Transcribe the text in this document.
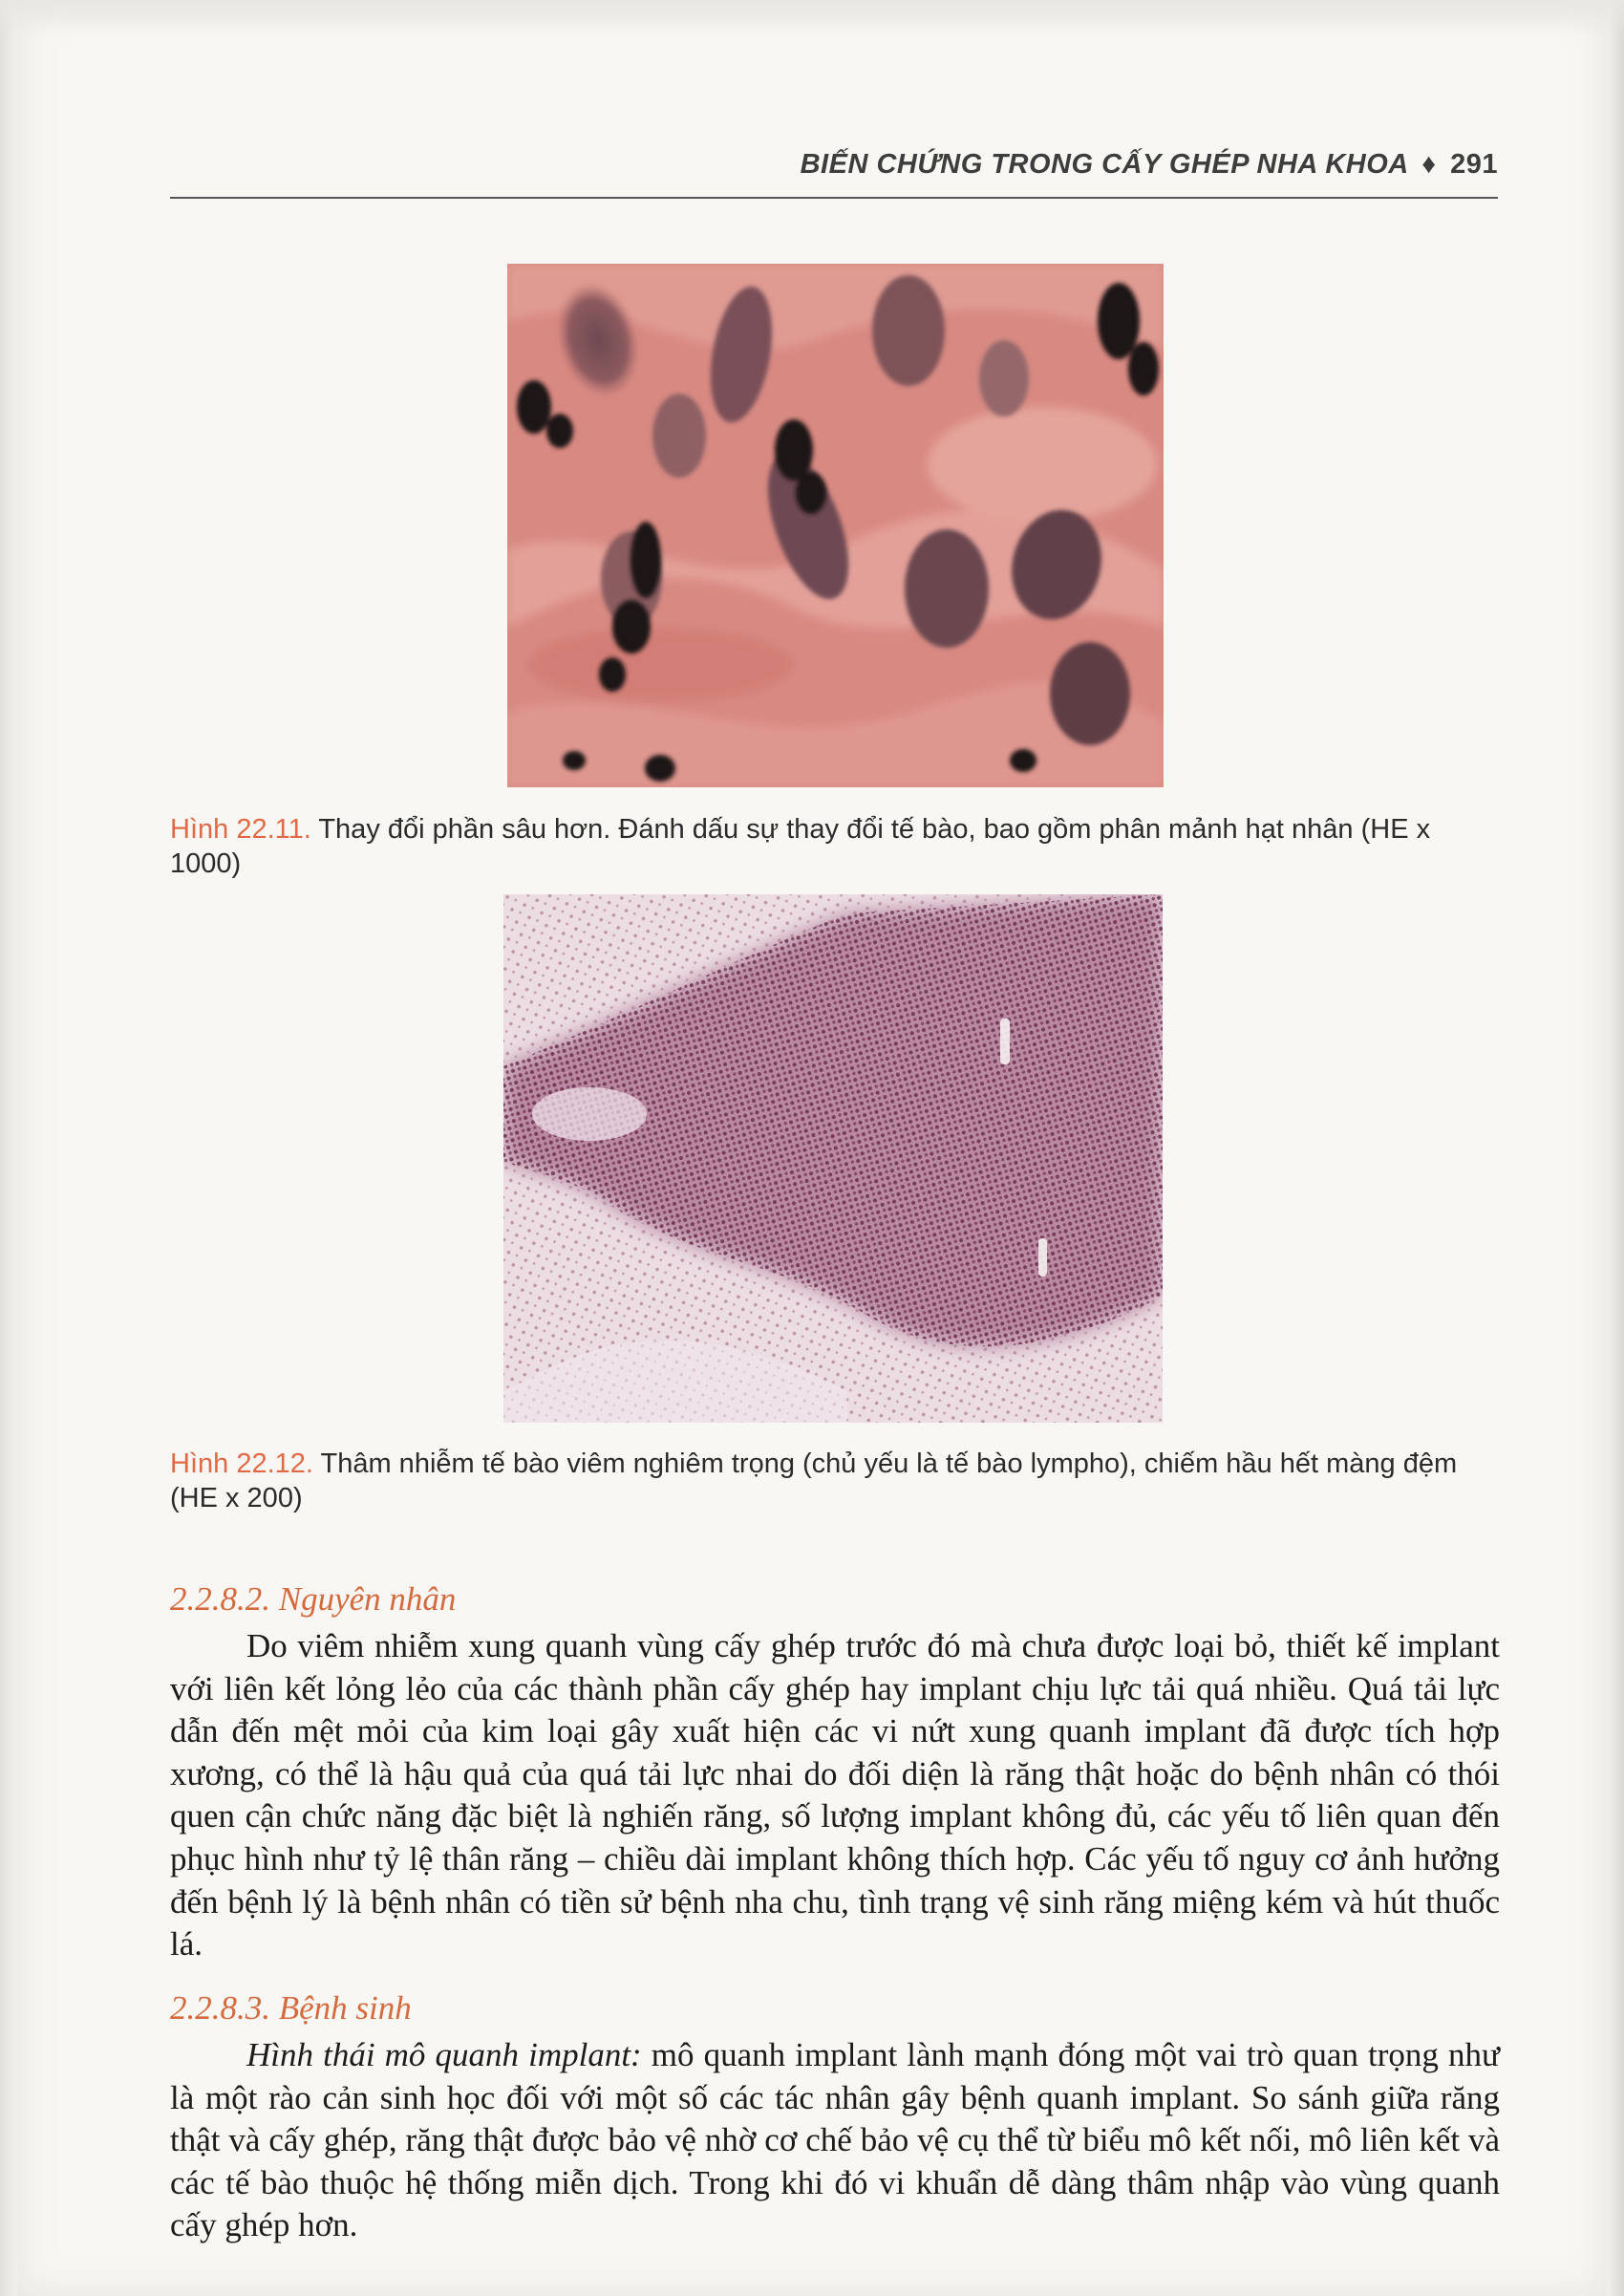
BIẾN CHỨNG TRONG CẤY GHÉP NHA KHOA ♦ 291
Hình 22.11. Thay đổi phần sâu hơn. Đánh dấu sự thay đổi tế bào, bao gồm phân mảnh hạt nhân (HE x 1000)
Hình 22.12. Thâm nhiễm tế bào viêm nghiêm trọng (chủ yếu là tế bào lympho), chiếm hầu hết màng đệm (HE x 200)
2.2.8.2. Nguyên nhân

Do viêm nhiễm xung quanh vùng cấy ghép trước đó mà chưa được loại bỏ, thiết kế implant với liên kết lỏng lẻo của các thành phần cấy ghép hay implant chịu lực tải quá nhiều. Quá tải lực dẫn đến mệt mỏi của kim loại gây xuất hiện các vi nứt xung quanh implant đã được tích hợp xương, có thể là hậu quả của quá tải lực nhai do đối diện là răng thật hoặc do bệnh nhân có thói quen cận chức năng đặc biệt là nghiến răng, số lượng implant không đủ, các yếu tố liên quan đến phục hình như tỷ lệ thân răng – chiều dài implant không thích hợp. Các yếu tố nguy cơ ảnh hưởng đến bệnh lý là bệnh nhân có tiền sử bệnh nha chu, tình trạng vệ sinh răng miệng kém và hút thuốc lá.

2.2.8.3. Bệnh sinh

Hình thái mô quanh implant: mô quanh implant lành mạnh đóng một vai trò quan trọng như là một rào cản sinh học đối với một số các tác nhân gây bệnh quanh implant. So sánh giữa răng thật và cấy ghép, răng thật được bảo vệ nhờ cơ chế bảo vệ cụ thể từ biểu mô kết nối, mô liên kết và các tế bào thuộc hệ thống miễn dịch. Trong khi đó vi khuẩn dễ dàng thâm nhập vào vùng quanh cấy ghép hơn.
